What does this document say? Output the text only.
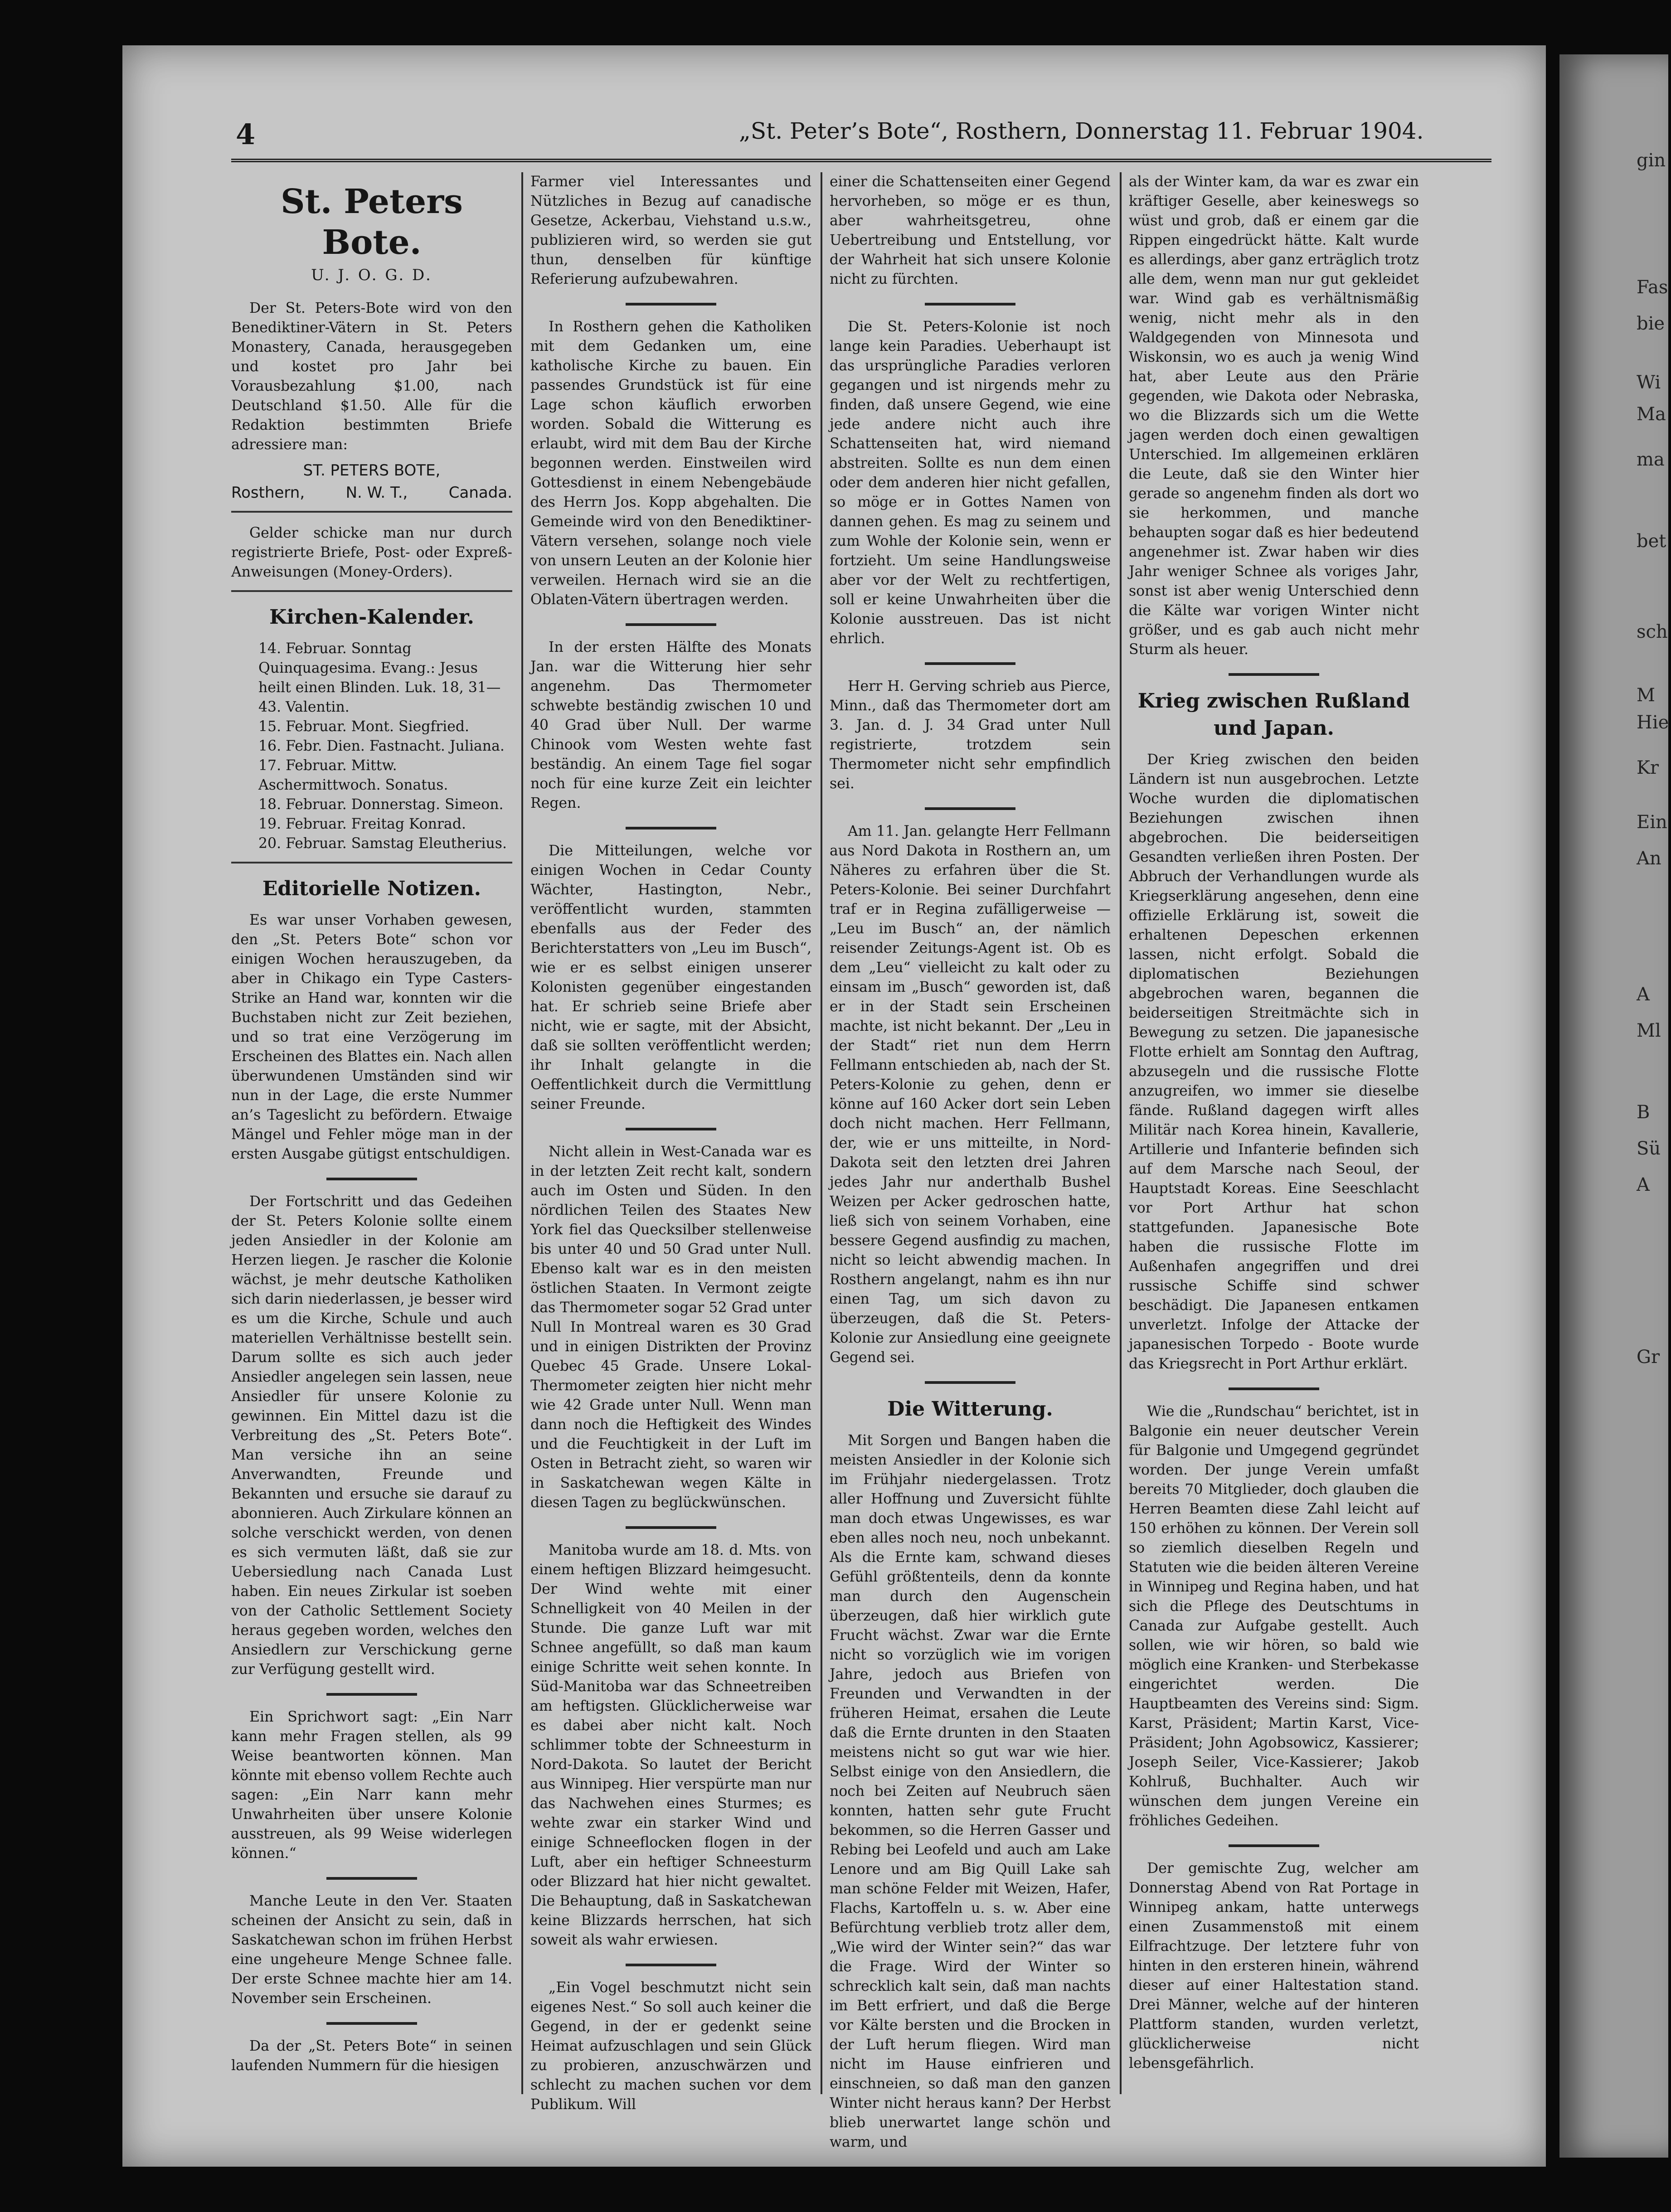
4	„St. Peter’s Bote“, Rosthern, Donnerstag 11. Februar 1904.
St. Peters Bote.
U. J. O. G. D.

Der St. Peters-Bote wird von den Benediktiner-Vätern in St. Peters Monastery, Canada, herausgegeben und kostet pro Jahr bei Vorausbezahlung $1.00, nach Deutschland $1.50. Alle für die Redaktion bestimmten Briefe adressiere man:

ST. PETERS BOTE,
Rosthern,	N. W. T.,	Canada.

Gelder schicke man nur durch registrierte Briefe, Post- oder Expreß-Anweisungen (Money-Orders).

Kirchen-Kalender.

14. Februar. Sonntag Quinquagesima. Evang.: Jesus heilt einen Blinden. Luk. 18, 31—43. Valentin.

15. Februar. Mont. Siegfried.

16. Febr. Dien. Fastnacht. Juliana.

17. Februar. Mittw. Aschermittwoch. Sonatus.

18. Februar. Donnerstag. Simeon.

19. Februar. Freitag Konrad.

20. Februar. Samstag Eleutherius.

Editorielle Notizen.

Es war unser Vorhaben gewesen, den „St. Peters Bote“ schon vor einigen Wochen herauszugeben, da aber in Chikago ein Type Casters-Strike an Hand war, konnten wir die Buchstaben nicht zur Zeit beziehen, und so trat eine Verzögerung im Erscheinen des Blattes ein. Nach allen überwundenen Umständen sind wir nun in der Lage, die erste Nummer an’s Tageslicht zu befördern. Etwaige Mängel und Fehler möge man in der ersten Ausgabe gütigst entschuldigen.

Der Fortschritt und das Gedeihen der St. Peters Kolonie sollte einem jeden Ansiedler in der Kolonie am Herzen liegen. Je rascher die Kolonie wächst, je mehr deutsche Katholiken sich darin niederlassen, je besser wird es um die Kirche, Schule und auch materiellen Verhältnisse bestellt sein. Darum sollte es sich auch jeder Ansiedler angelegen sein lassen, neue Ansiedler für unsere Kolonie zu gewinnen. Ein Mittel dazu ist die Verbreitung des „St. Peters Bote“. Man versiche ihn an seine Anverwandten, Freunde und Bekannten und ersuche sie darauf zu abonnieren. Auch Zirkulare können an solche verschickt werden, von denen es sich vermuten läßt, daß sie zur Uebersiedlung nach Canada Lust haben. Ein neues Zirkular ist soeben von der Catholic Settlement Society heraus gegeben worden, welches den Ansiedlern zur Verschickung gerne zur Verfügung gestellt wird.

Ein Sprichwort sagt: „Ein Narr kann mehr Fragen stellen, als 99 Weise beantworten können. Man könnte mit ebenso vollem Rechte auch sagen: „Ein Narr kann mehr Unwahrheiten über unsere Kolonie ausstreuen, als 99 Weise widerlegen können.“

Manche Leute in den Ver. Staaten scheinen der Ansicht zu sein, daß in Saskatchewan schon im frühen Herbst eine ungeheure Menge Schnee falle. Der erste Schnee machte hier am 14. November sein Erscheinen.

Da der „St. Peters Bote“ in seinen laufenden Nummern für die hiesigen

Farmer viel Interessantes und Nützliches in Bezug auf canadische Gesetze, Ackerbau, Viehstand u.s.w., publizieren wird, so werden sie gut thun, denselben für künftige Referierung aufzubewahren.

In Rosthern gehen die Katholiken mit dem Gedanken um, eine katholische Kirche zu bauen. Ein passendes Grundstück ist für eine Lage schon käuflich erworben worden. Sobald die Witterung es erlaubt, wird mit dem Bau der Kirche begonnen werden. Einstweilen wird Gottesdienst in einem Nebengebäude des Herrn Jos. Kopp abgehalten. Die Gemeinde wird von den Benediktiner-Vätern versehen, solange noch viele von unsern Leuten an der Kolonie hier verweilen. Hernach wird sie an die Oblaten-Vätern übertragen werden.

In der ersten Hälfte des Monats Jan. war die Witterung hier sehr angenehm. Das Thermometer schwebte beständig zwischen 10 und 40 Grad über Null. Der warme Chinook vom Westen wehte fast beständig. An einem Tage fiel sogar noch für eine kurze Zeit ein leichter Regen.

Die Mitteilungen, welche vor einigen Wochen in Cedar County Wächter, Hastington, Nebr., veröffentlicht wurden, stammten ebenfalls aus der Feder des Berichterstatters von „Leu im Busch“, wie er es selbst einigen unserer Kolonisten gegenüber eingestanden hat. Er schrieb seine Briefe aber nicht, wie er sagte, mit der Absicht, daß sie sollten veröffentlicht werden; ihr Inhalt gelangte in die Oeffentlichkeit durch die Vermittlung seiner Freunde.

Nicht allein in West-Canada war es in der letzten Zeit recht kalt, sondern auch im Osten und Süden. In den nördlichen Teilen des Staates New York fiel das Quecksilber stellenweise bis unter 40 und 50 Grad unter Null. Ebenso kalt war es in den meisten östlichen Staaten. In Vermont zeigte das Thermometer sogar 52 Grad unter Null In Montreal waren es 30 Grad und in einigen Distrikten der Provinz Quebec 45 Grade. Unsere Lokal-Thermometer zeigten hier nicht mehr wie 42 Grade unter Null. Wenn man dann noch die Heftigkeit des Windes und die Feuchtigkeit in der Luft im Osten in Betracht zieht, so waren wir in Saskatchewan wegen Kälte in diesen Tagen zu beglückwünschen.

Manitoba wurde am 18. d. Mts. von einem heftigen Blizzard heimgesucht. Der Wind wehte mit einer Schnelligkeit von 40 Meilen in der Stunde. Die ganze Luft war mit Schnee angefüllt, so daß man kaum einige Schritte weit sehen konnte. In Süd-Manitoba war das Schneetreiben am heftigsten. Glücklicherweise war es dabei aber nicht kalt. Noch schlimmer tobte der Schneesturm in Nord-Dakota. So lautet der Bericht aus Winnipeg. Hier verspürte man nur das Nachwehen eines Sturmes; es wehte zwar ein starker Wind und einige Schneeflocken flogen in der Luft, aber ein heftiger Schneesturm oder Blizzard hat hier nicht gewaltet. Die Behauptung, daß in Saskatchewan keine Blizzards herrschen, hat sich soweit als wahr erwiesen.

„Ein Vogel beschmutzt nicht sein eigenes Nest.“ So soll auch keiner die Gegend, in der er gedenkt seine Heimat aufzuschlagen und sein Glück zu probieren, anzuschwärzen und schlecht zu machen suchen vor dem Publikum. Will

einer die Schattenseiten einer Gegend hervorheben, so möge er es thun, aber wahrheitsgetreu, ohne Uebertreibung und Entstellung, vor der Wahrheit hat sich unsere Kolonie nicht zu fürchten.

Die St. Peters-Kolonie ist noch lange kein Paradies. Ueberhaupt ist das ursprüngliche Paradies verloren gegangen und ist nirgends mehr zu finden, daß unsere Gegend, wie eine jede andere nicht auch ihre Schattenseiten hat, wird niemand abstreiten. Sollte es nun dem einen oder dem anderen hier nicht gefallen, so möge er in Gottes Namen von dannen gehen. Es mag zu seinem und zum Wohle der Kolonie sein, wenn er fortzieht. Um seine Handlungsweise aber vor der Welt zu rechtfertigen, soll er keine Unwahrheiten über die Kolonie ausstreuen. Das ist nicht ehrlich.

Herr H. Gerving schrieb aus Pierce, Minn., daß das Thermometer dort am 3. Jan. d. J. 34 Grad unter Null registrierte, trotzdem sein Thermometer nicht sehr empfindlich sei.

Am 11. Jan. gelangte Herr Fellmann aus Nord Dakota in Rosthern an, um Näheres zu erfahren über die St. Peters-Kolonie. Bei seiner Durchfahrt traf er in Regina zufälligerweise — „Leu im Busch“ an, der nämlich reisender Zeitungs-Agent ist. Ob es dem „Leu“ vielleicht zu kalt oder zu einsam im „Busch“ geworden ist, daß er in der Stadt sein Erscheinen machte, ist nicht bekannt. Der „Leu in der Stadt“ riet nun dem Herrn Fellmann entschieden ab, nach der St. Peters-Kolonie zu gehen, denn er könne auf 160 Acker dort sein Leben doch nicht machen. Herr Fellmann, der, wie er uns mitteilte, in Nord-Dakota seit den letzten drei Jahren jedes Jahr nur anderthalb Bushel Weizen per Acker gedroschen hatte, ließ sich von seinem Vorhaben, eine bessere Gegend ausfindig zu machen, nicht so leicht abwendig machen. In Rosthern angelangt, nahm es ihn nur einen Tag, um sich davon zu überzeugen, daß die St. Peters-Kolonie zur Ansiedlung eine geeignete Gegend sei.

Die Witterung.

Mit Sorgen und Bangen haben die meisten Ansiedler in der Kolonie sich im Frühjahr niedergelassen. Trotz aller Hoffnung und Zuversicht fühlte man doch etwas Ungewisses, es war eben alles noch neu, noch unbekannt. Als die Ernte kam, schwand dieses Gefühl größtenteils, denn da konnte man durch den Augenschein überzeugen, daß hier wirklich gute Frucht wächst. Zwar war die Ernte nicht so vorzüglich wie im vorigen Jahre, jedoch aus Briefen von Freunden und Verwandten in der früheren Heimat, ersahen die Leute daß die Ernte drunten in den Staaten meistens nicht so gut war wie hier. Selbst einige von den Ansiedlern, die noch bei Zeiten auf Neubruch säen konnten, hatten sehr gute Frucht bekommen, so die Herren Gasser und Rebing bei Leofeld und auch am Lake Lenore und am Big Quill Lake sah man schöne Felder mit Weizen, Hafer, Flachs, Kartoffeln u. s. w. Aber eine Befürchtung verblieb trotz aller dem, „Wie wird der Winter sein?“ das war die Frage. Wird der Winter so schrecklich kalt sein, daß man nachts im Bett erfriert, und daß die Berge vor Kälte bersten und die Brocken in der Luft herum fliegen. Wird man nicht im Hause einfrieren und einschneien, so daß man den ganzen Winter nicht heraus kann? Der Herbst blieb unerwartet lange schön und warm, und

als der Winter kam, da war es zwar ein kräftiger Geselle, aber keineswegs so wüst und grob, daß er einem gar die Rippen eingedrückt hätte. Kalt wurde es allerdings, aber ganz erträglich trotz alle dem, wenn man nur gut gekleidet war. Wind gab es verhältnismäßig wenig, nicht mehr als in den Waldgegenden von Minnesota und Wiskonsin, wo es auch ja wenig Wind hat, aber Leute aus den Prärie gegenden, wie Dakota oder Nebraska, wo die Blizzards sich um die Wette jagen werden doch einen gewaltigen Unterschied. Im allgemeinen erklären die Leute, daß sie den Winter hier gerade so angenehm finden als dort wo sie herkommen, und manche behaupten sogar daß es hier bedeutend angenehmer ist. Zwar haben wir dies Jahr weniger Schnee als voriges Jahr, sonst ist aber wenig Unterschied denn die Kälte war vorigen Winter nicht größer, und es gab auch nicht mehr Sturm als heuer.

Krieg zwischen Rußland und Japan.

Der Krieg zwischen den beiden Ländern ist nun ausgebrochen. Letzte Woche wurden die diplomatischen Beziehungen zwischen ihnen abgebrochen. Die beiderseitigen Gesandten verließen ihren Posten. Der Abbruch der Verhandlungen wurde als Kriegserklärung angesehen, denn eine offizielle Erklärung ist, soweit die erhaltenen Depeschen erkennen lassen, nicht erfolgt. Sobald die diplomatischen Beziehungen abgebrochen waren, begannen die beiderseitigen Streitmächte sich in Bewegung zu setzen. Die japanesische Flotte erhielt am Sonntag den Auftrag, abzusegeln und die russische Flotte anzugreifen, wo immer sie dieselbe fände. Rußland dagegen wirft alles Militär nach Korea hinein, Kavallerie, Artillerie und Infanterie befinden sich auf dem Marsche nach Seoul, der Hauptstadt Koreas. Eine Seeschlacht vor Port Arthur hat schon stattgefunden. Japanesische Bote haben die russische Flotte im Außenhafen angegriffen und drei russische Schiffe sind schwer beschädigt. Die Japanesen entkamen unverletzt. Infolge der Attacke der japanesischen Torpedo - Boote wurde das Kriegsrecht in Port Arthur erklärt.

Wie die „Rundschau“ berichtet, ist in Balgonie ein neuer deutscher Verein für Balgonie und Umgegend gegründet worden. Der junge Verein umfaßt bereits 70 Mitglieder, doch glauben die Herren Beamten diese Zahl leicht auf 150 erhöhen zu können. Der Verein soll so ziemlich dieselben Regeln und Statuten wie die beiden älteren Vereine in Winnipeg und Regina haben, und hat sich die Pflege des Deutschtums in Canada zur Aufgabe gestellt. Auch sollen, wie wir hören, so bald wie möglich eine Kranken- und Sterbekasse eingerichtet werden. Die Hauptbeamten des Vereins sind: Sigm. Karst, Präsident; Martin Karst, Vice-Präsident; John Agobsowicz, Kassierer; Joseph Seiler, Vice-Kassierer; Jakob Kohlruß, Buchhalter. Auch wir wünschen dem jungen Vereine ein fröhliches Gedeihen.

Der gemischte Zug, welcher am Donnerstag Abend von Rat Portage in Winnipeg ankam, hatte unterwegs einen Zusammenstoß mit einem Eilfrachtzuge. Der letztere fuhr von hinten in den ersteren hinein, während dieser auf einer Haltestation stand. Drei Männer, welche auf der hinteren Plattform standen, wurden verletzt, glücklicherweise nicht lebensgefährlich.

gin
Fas
bie
Wi
Ma
ma
bet
sch
M
Hie
Kr
Ein
An
A
Ml
B
Sü
A
Gr
